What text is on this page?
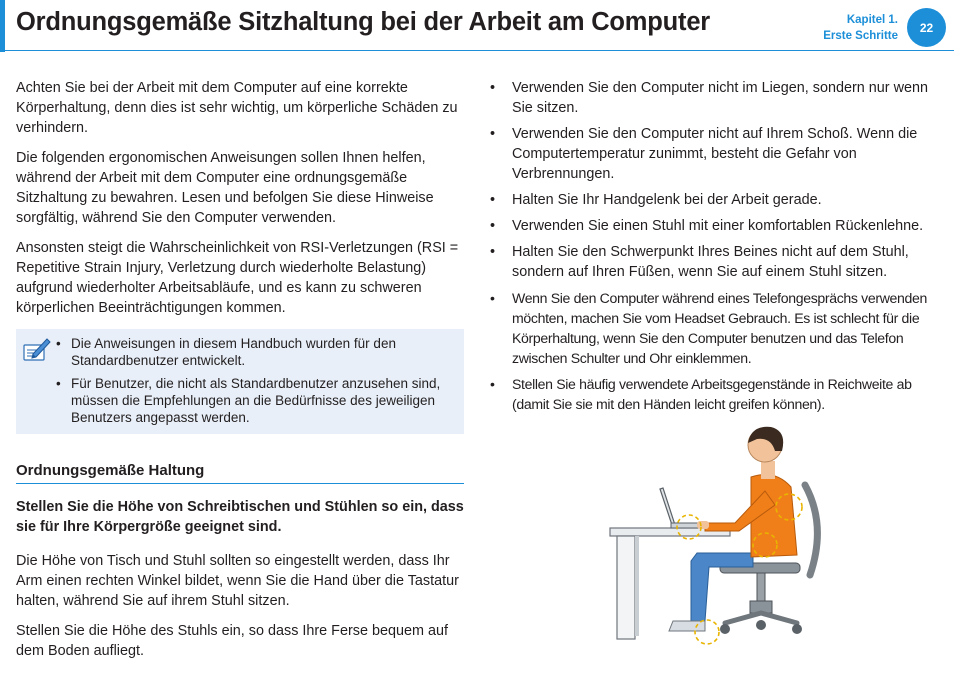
Ordnungsgemäße Sitzhaltung bei der Arbeit am Computer	Kapitel 1.
Erste Schritte
22

Achten Sie bei der Arbeit mit dem Computer auf eine korrekte Körperhaltung, denn dies ist sehr wichtig, um körperliche Schäden zu verhindern.

Die folgenden ergonomischen Anweisungen sollen Ihnen helfen, während der Arbeit mit dem Computer eine ordnungsgemäße Sitzhaltung zu bewahren. Lesen und befolgen Sie diese Hinweise sorgfältig, während Sie den Computer verwenden.

Ansonsten steigt die Wahrscheinlichkeit von RSI-Verletzungen (RSI = Repetitive Strain Injury, Verletzung durch wiederholte Belastung) aufgrund wiederholter Arbeitsabläufe, und es kann zu schweren körperlichen Beeinträchtigungen kommen.

• Die Anweisungen in diesem Handbuch wurden für den Standardbenutzer entwickelt.
• Für Benutzer, die nicht als Standardbenutzer anzusehen sind, müssen die Empfehlungen an die Bedürfnisse des jeweiligen Benutzers angepasst werden.
Ordnungsgemäße Haltung

Stellen Sie die Höhe von Schreibtischen und Stühlen so ein, dass sie für Ihre Körpergröße geeignet sind.

Die Höhe von Tisch und Stuhl sollten so eingestellt werden, dass Ihr Arm einen rechten Winkel bildet, wenn Sie die Hand über die Tastatur halten, während Sie auf ihrem Stuhl sitzen.

Stellen Sie die Höhe des Stuhls ein, so dass Ihre Ferse bequem auf dem Boden aufliegt.

• Verwenden Sie den Computer nicht im Liegen, sondern nur wenn Sie sitzen.
• Verwenden Sie den Computer nicht auf Ihrem Schoß. Wenn die Computertemperatur zunimmt, besteht die Gefahr von Verbrennungen.
• Halten Sie Ihr Handgelenk bei der Arbeit gerade.
• Verwenden Sie einen Stuhl mit einer komfortablen Rückenlehne.
• Halten Sie den Schwerpunkt Ihres Beines nicht auf dem Stuhl, sondern auf Ihren Füßen, wenn Sie auf einem Stuhl sitzen.
• Wenn Sie den Computer während eines Telefongesprächs verwenden möchten, machen Sie vom Headset Gebrauch. Es ist schlecht für die Körperhaltung, wenn Sie den Computer benutzen und das Telefon zwischen Schulter und Ohr einklemmen.
• Stellen Sie häufig verwendete Arbeitsgegenstände in Reichweite ab (damit Sie sie mit den Händen leicht greifen können).
